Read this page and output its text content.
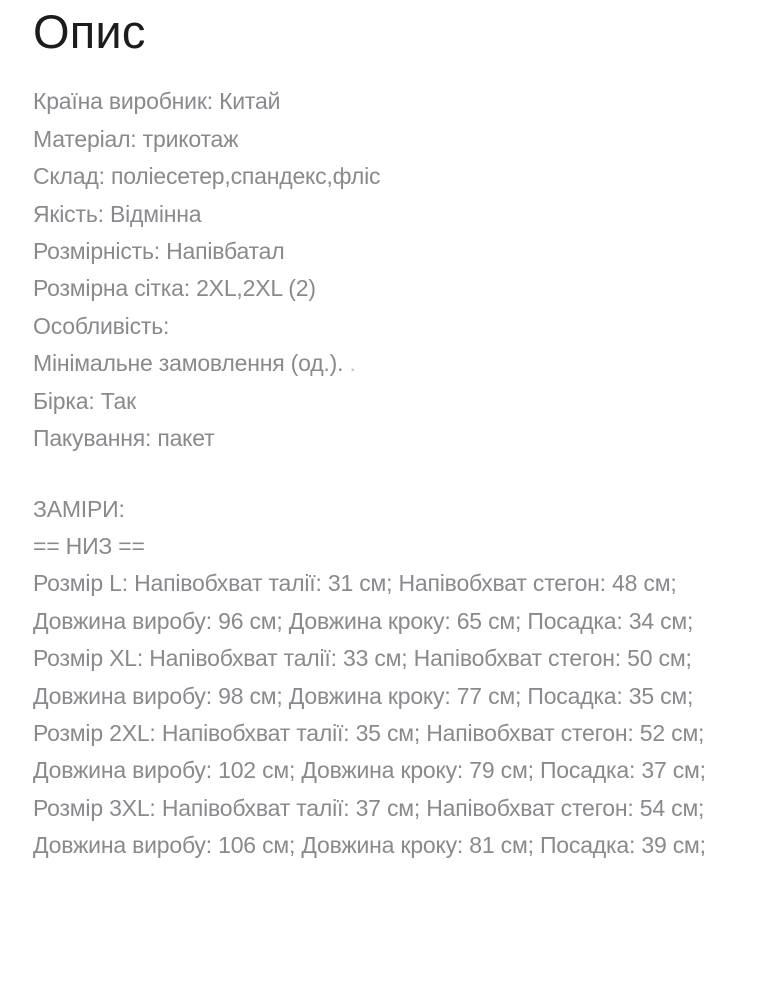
Опис

Країна виробник: Китай

Матеріал: трикотаж

Склад: поліесетер,спандекс,фліс

Якість: Відмінна

Розмірність: Напівбатал

Розмірна сітка: 2XL,2XL (2)

Особливість:

Мінімальне замовлення (од.). .

Бірка: Так

Пакування: пакет

ЗАМІРИ:

== НИЗ ==

Розмір L: Напівобхват талії: 31 см; Напівобхват стегон: 48 см; Довжина виробу: 96 см; Довжина кроку: 65 см; Посадка: 34 см;

Розмір XL: Напівобхват талії: 33 см; Напівобхват стегон: 50 см; Довжина виробу: 98 см; Довжина кроку: 77 см; Посадка: 35 см;

Розмір 2XL: Напівобхват талії: 35 см; Напівобхват стегон: 52 см; Довжина виробу: 102 см; Довжина кроку: 79 см; Посадка: 37 см;

Розмір 3XL: Напівобхват талії: 37 см; Напівобхват стегон: 54 см; Довжина виробу: 106 см; Довжина кроку: 81 см; Посадка: 39 см;
